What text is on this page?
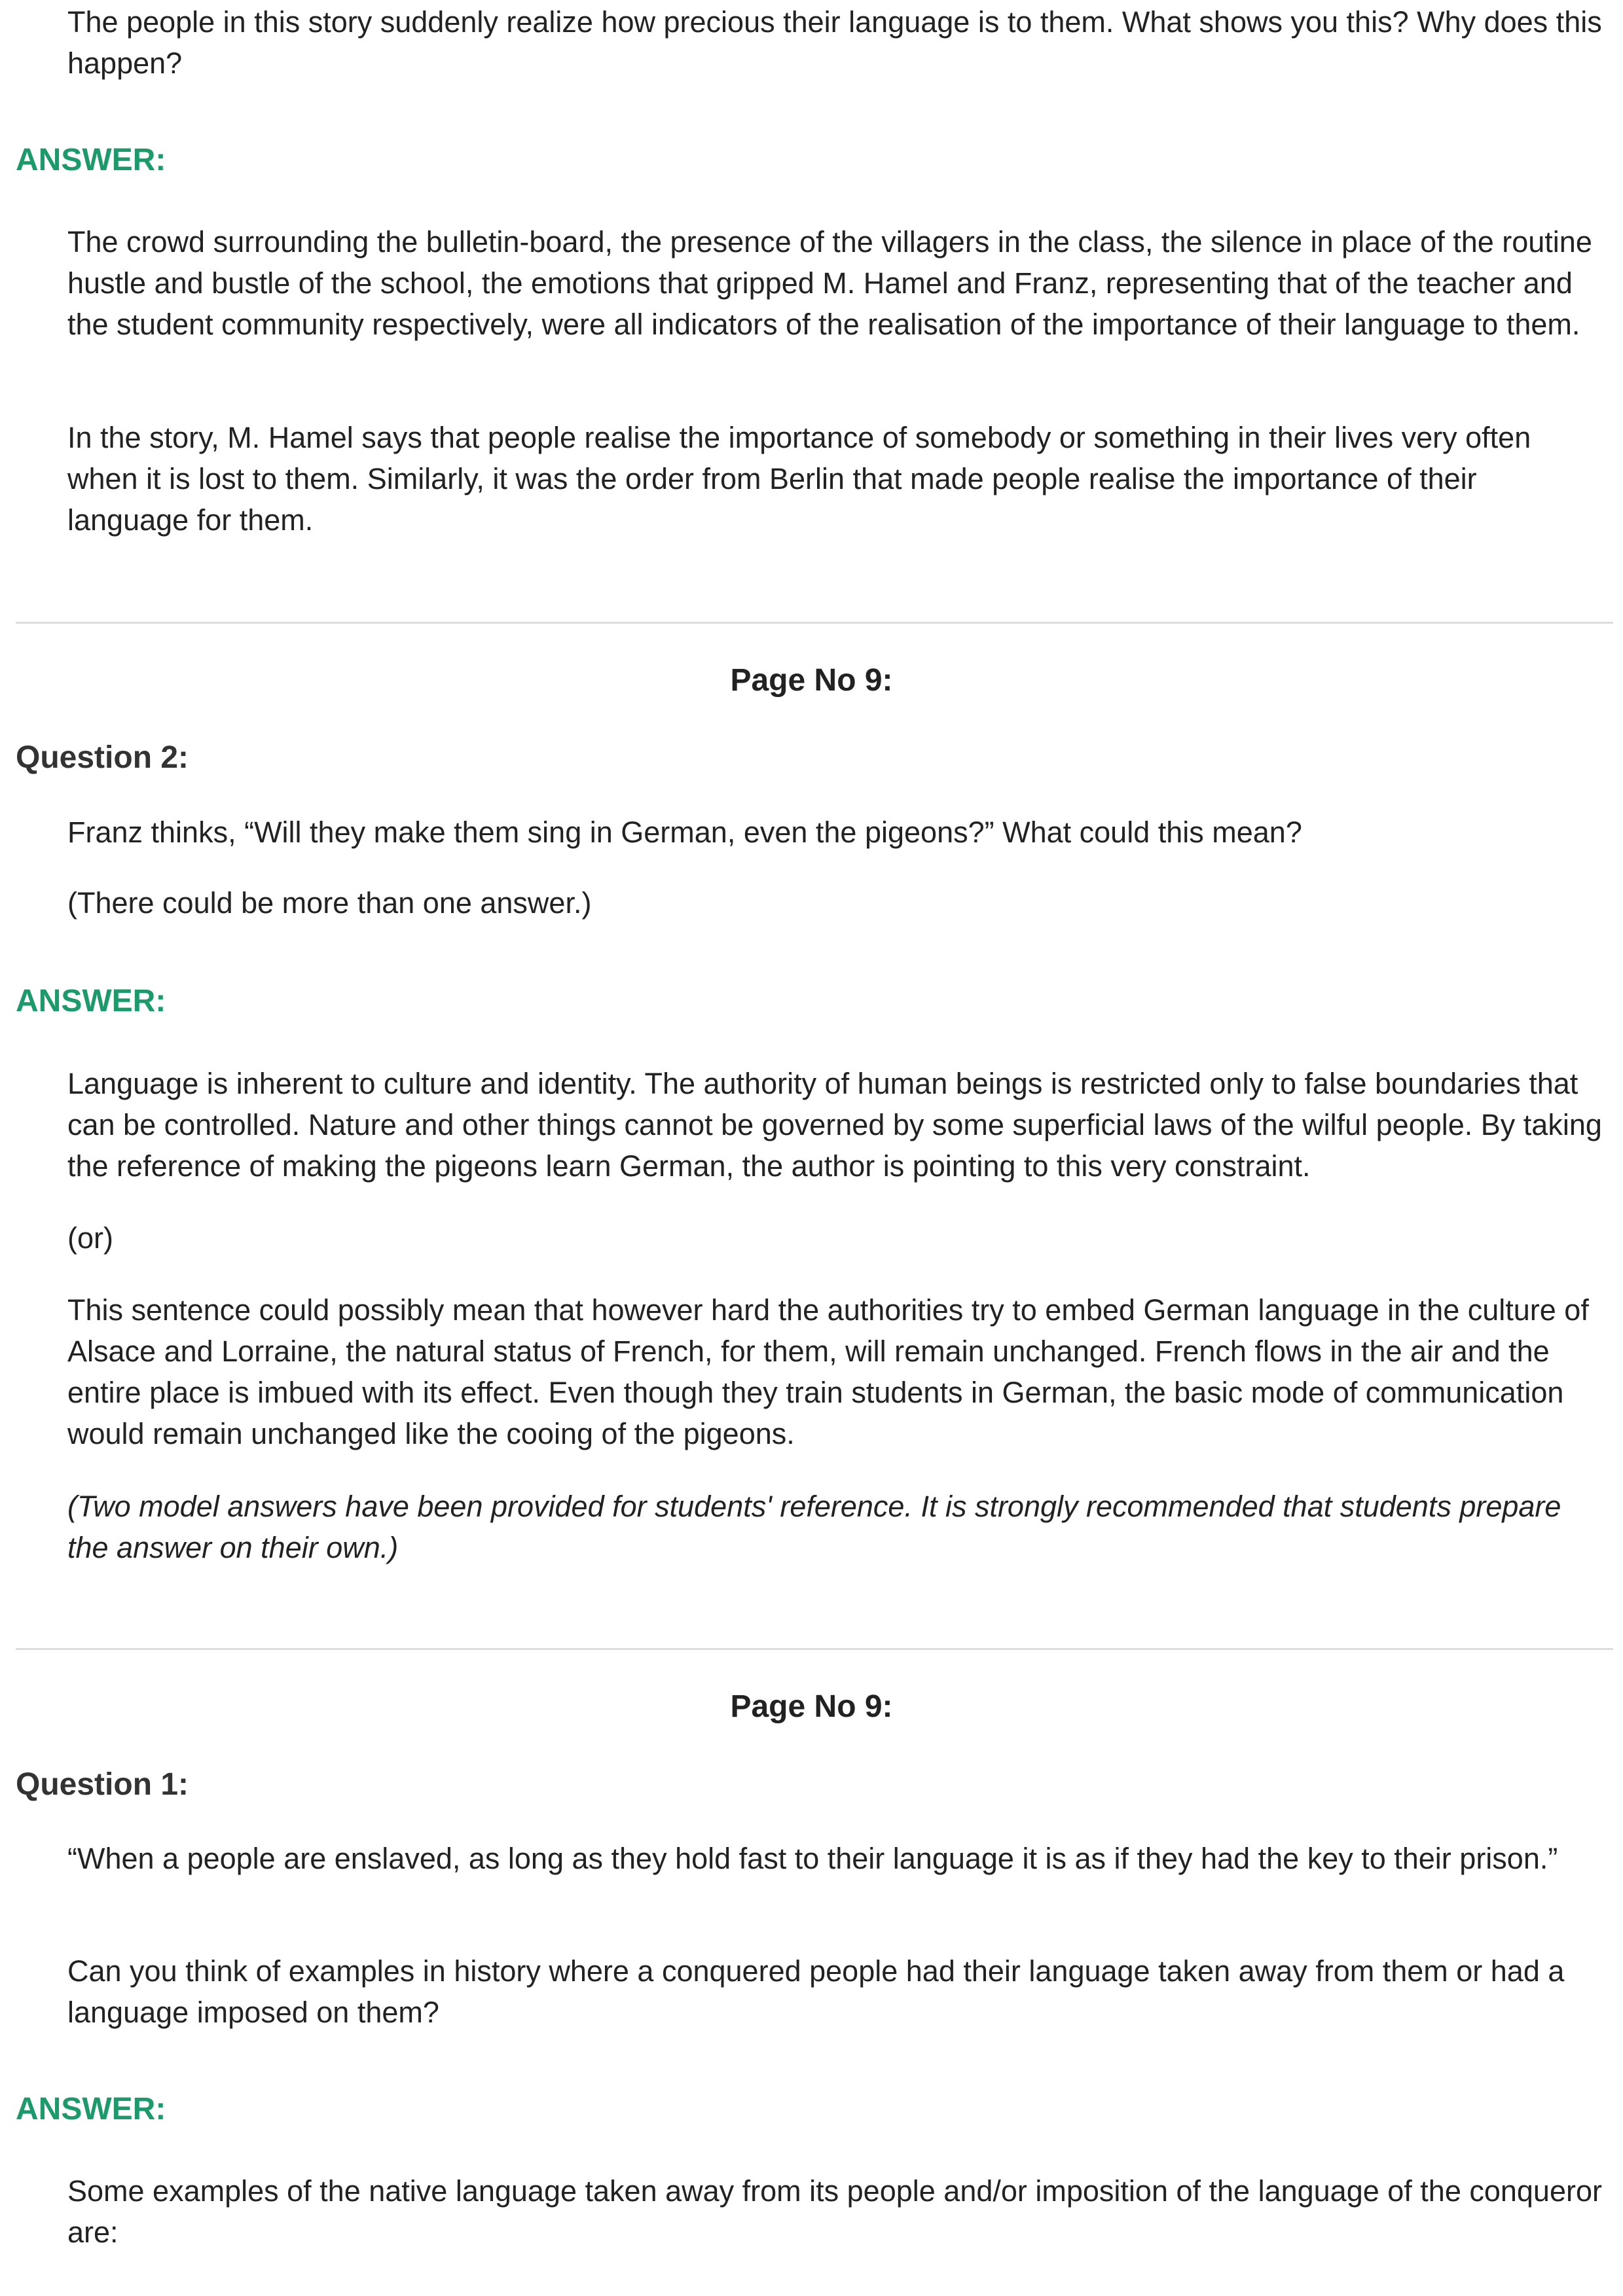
The people in this story suddenly realize how precious their language is to them. What shows you this? Why does this happen?

ANSWER:

The crowd surrounding the bulletin-board, the presence of the villagers in the class, the silence in place of the routine hustle and bustle of the school, the emotions that gripped M. Hamel and Franz, representing that of the teacher and the student community respectively, were all indicators of the realisation of the importance of their language to them.

In the story, M. Hamel says that people realise the importance of somebody or something in their lives very often when it is lost to them. Similarly, it was the order from Berlin that made people realise the importance of their language for them.

Page No 9:

Question 2:

Franz thinks, “Will they make them sing in German, even the pigeons?” What could this mean?

(There could be more than one answer.)

ANSWER:

Language is inherent to culture and identity. The authority of human beings is restricted only to false boundaries that can be controlled. Nature and other things cannot be governed by some superficial laws of the wilful people. By taking the reference of making the pigeons learn German, the author is pointing to this very constraint.

(or)

This sentence could possibly mean that however hard the authorities try to embed German language in the culture of Alsace and Lorraine, the natural status of French, for them, will remain unchanged. French flows in the air and the entire place is imbued with its effect. Even though they train students in German, the basic mode of communication would remain unchanged like the cooing of the pigeons.

(Two model answers have been provided for students' reference. It is strongly recommended that students prepare the answer on their own.)

Page No 9:

Question 1:

“When a people are enslaved, as long as they hold fast to their language it is as if they had the key to their prison.”

Can you think of examples in history where a conquered people had their language taken away from them or had a language imposed on them?

ANSWER:

Some examples of the native language taken away from its people and/or imposition of the language of the conqueror are:
